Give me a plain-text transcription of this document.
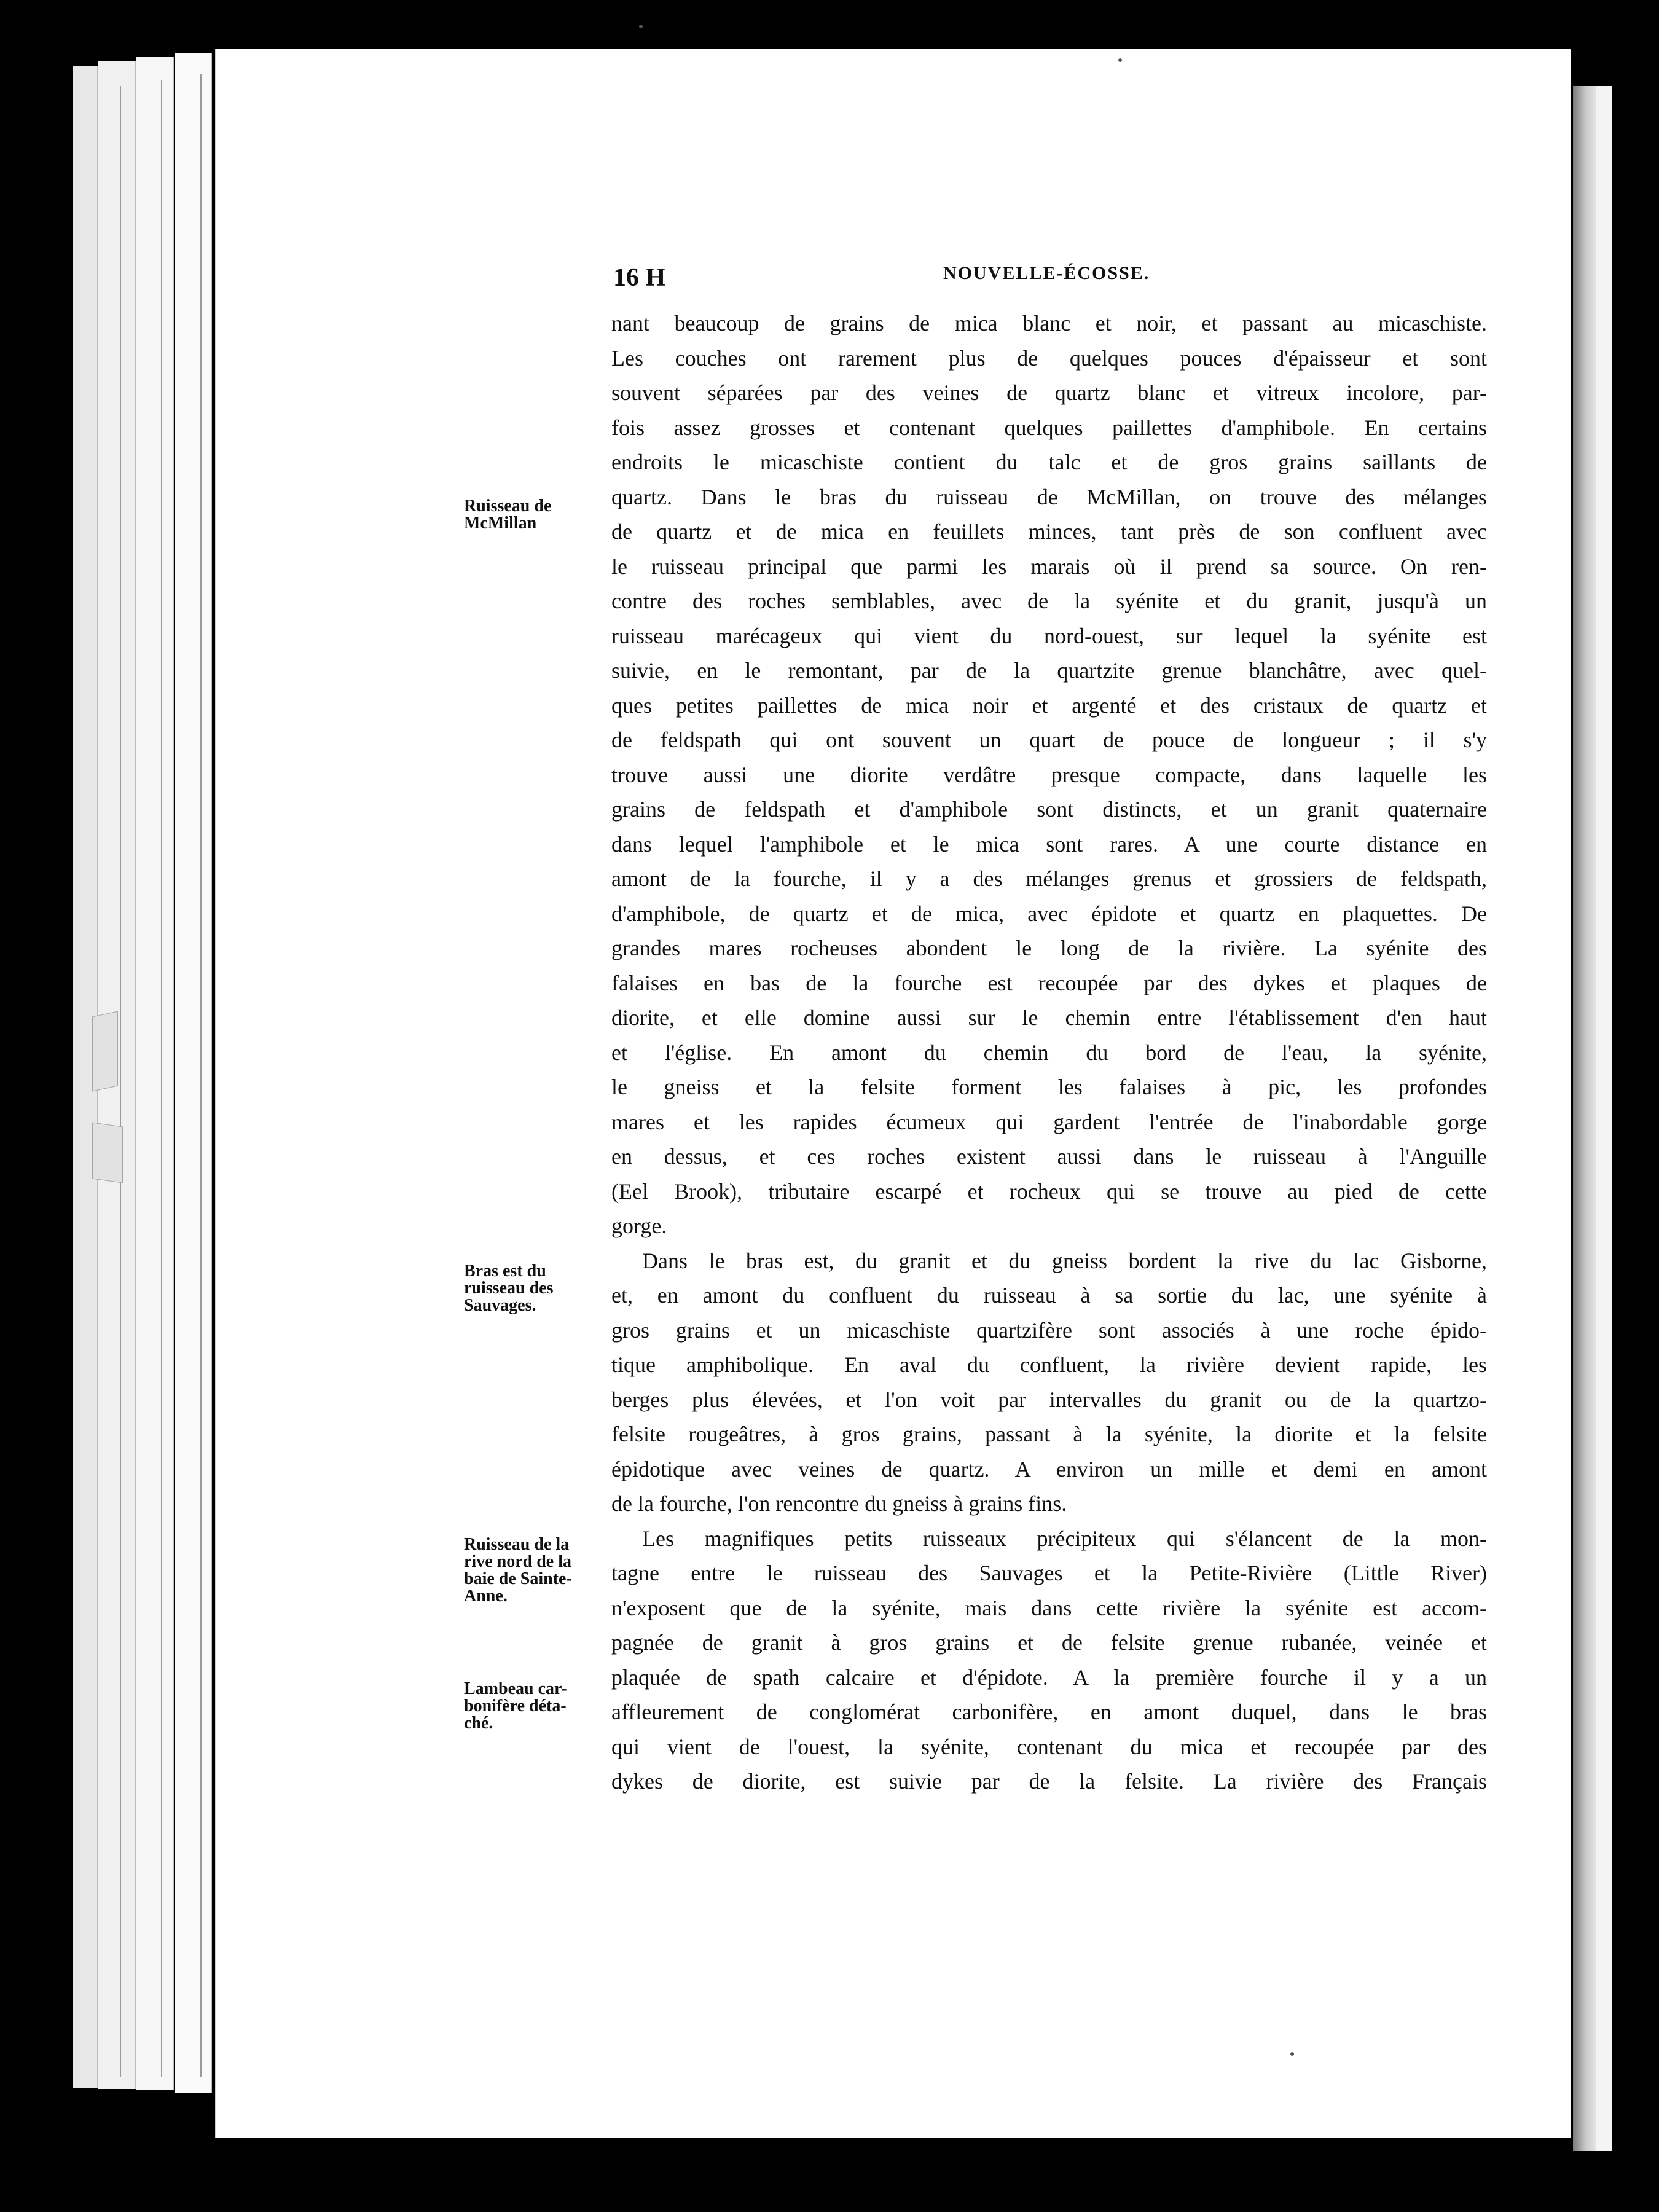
16 H	NOUVELLE-ÉCOSSE.
Ruisseau de
McMillan
Bras est du
ruisseau des
Sauvages.
Ruisseau de la
rive nord de la
baie de Sainte-
Anne.
Lambeau car-
bonifère déta-
ché.
nant beaucoup de grains de mica blanc et noir, et passant au micaschiste.
Les couches ont rarement plus de quelques pouces d'épaisseur et sont
souvent séparées par des veines de quartz blanc et vitreux incolore, par-
fois assez grosses et contenant quelques paillettes d'amphibole. En certains
endroits le micaschiste contient du talc et de gros grains saillants de
quartz. Dans le bras du ruisseau de McMillan, on trouve des mélanges
de quartz et de mica en feuillets minces, tant près de son confluent avec
le ruisseau principal que parmi les marais où il prend sa source. On ren-
contre des roches semblables, avec de la syénite et du granit, jusqu'à un
ruisseau marécageux qui vient du nord-ouest, sur lequel la syénite est
suivie, en le remontant, par de la quartzite grenue blanchâtre, avec quel-
ques petites paillettes de mica noir et argenté et des cristaux de quartz et
de feldspath qui ont souvent un quart de pouce de longueur ; il s'y
trouve aussi une diorite verdâtre presque compacte, dans laquelle les
grains de feldspath et d'amphibole sont distincts, et un granit quaternaire
dans lequel l'amphibole et le mica sont rares. A une courte distance en
amont de la fourche, il y a des mélanges grenus et grossiers de feldspath,
d'amphibole, de quartz et de mica, avec épidote et quartz en plaquettes. De
grandes mares rocheuses abondent le long de la rivière. La syénite des
falaises en bas de la fourche est recoupée par des dykes et plaques de
diorite, et elle domine aussi sur le chemin entre l'établissement d'en haut
et l'église. En amont du chemin du bord de l'eau, la syénite,
le gneiss et la felsite forment les falaises à pic, les profondes
mares et les rapides écumeux qui gardent l'entrée de l'inabordable gorge
en dessus, et ces roches existent aussi dans le ruisseau à l'Anguille
(Eel Brook), tributaire escarpé et rocheux qui se trouve au pied de cette
gorge.
Dans le bras est, du granit et du gneiss bordent la rive du lac Gisborne,
et, en amont du confluent du ruisseau à sa sortie du lac, une syénite à
gros grains et un micaschiste quartzifère sont associés à une roche épido-
tique amphibolique. En aval du confluent, la rivière devient rapide, les
berges plus élevées, et l'on voit par intervalles du granit ou de la quartzo-
felsite rougeâtres, à gros grains, passant à la syénite, la diorite et la felsite
épidotique avec veines de quartz. A environ un mille et demi en amont
de la fourche, l'on rencontre du gneiss à grains fins.
Les magnifiques petits ruisseaux précipiteux qui s'élancent de la mon-
tagne entre le ruisseau des Sauvages et la Petite-Rivière (Little River)
n'exposent que de la syénite, mais dans cette rivière la syénite est accom-
pagnée de granit à gros grains et de felsite grenue rubanée, veinée et
plaquée de spath calcaire et d'épidote. A la première fourche il y a un
affleurement de conglomérat carbonifère, en amont duquel, dans le bras
qui vient de l'ouest, la syénite, contenant du mica et recoupée par des
dykes de diorite, est suivie par de la felsite. La rivière des Français
